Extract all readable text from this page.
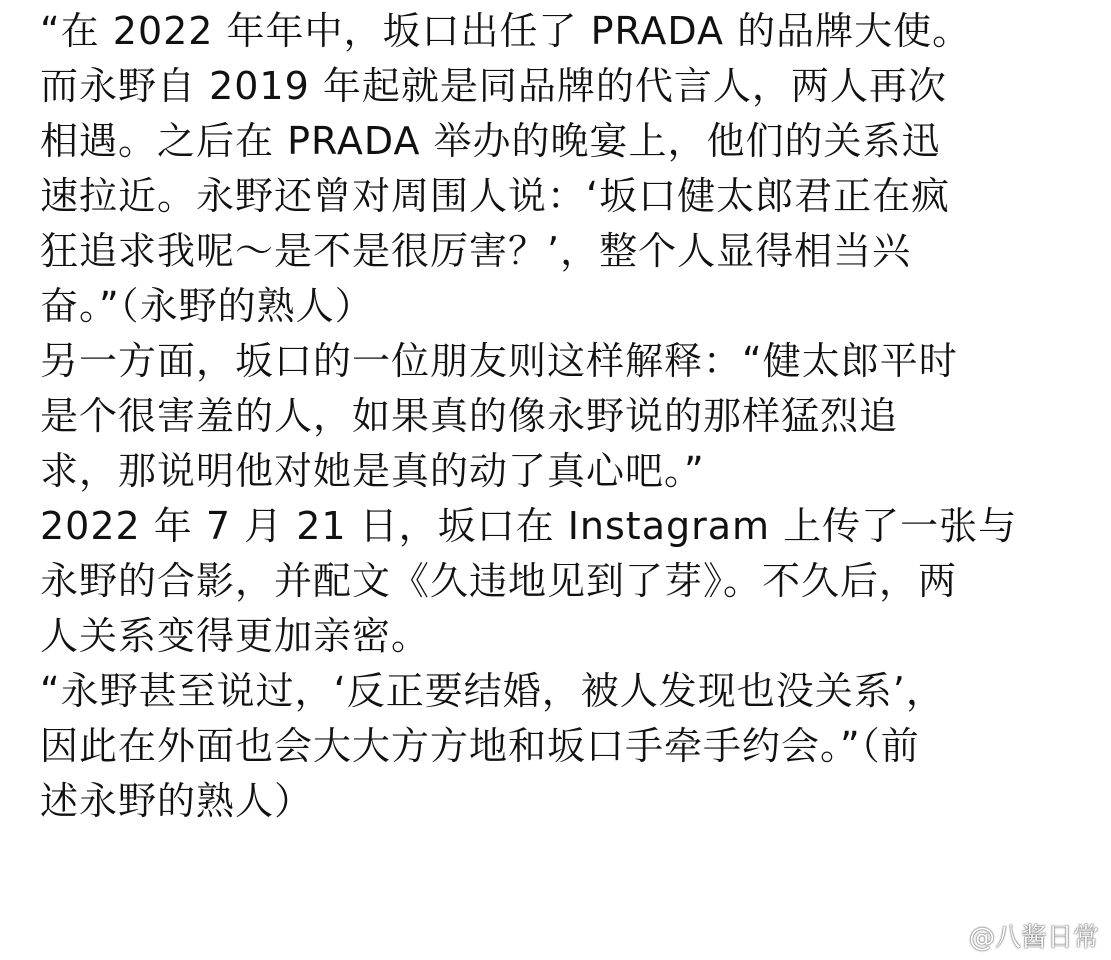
“在 2022 年年中，坂口出任了 PRADA 的品牌大使。
而永野自 2019 年起就是同品牌的代言人，两人再次
相遇。之后在 PRADA 举办的晚宴上，他们的关系迅
速拉近。永野还曾对周围人说：‘坂口健太郎君正在疯
狂追求我呢～是不是很厉害？’，整个人显得相当兴
奋。”（永野的熟人）
另一方面，坂口的一位朋友则这样解释：“健太郎平时
是个很害羞的人，如果真的像永野说的那样猛烈追
求，那说明他对她是真的动了真心吧。”
2022 年 7 月 21 日，坂口在 Instagram 上传了一张与
永野的合影，并配文《久违地见到了芽》。不久后，两
人关系变得更加亲密。
“永野甚至说过，‘反正要结婚，被人发现也没关系’，
因此在外面也会大大方方地和坂口手牵手约会。”（前
述永野的熟人）
@八酱日常
